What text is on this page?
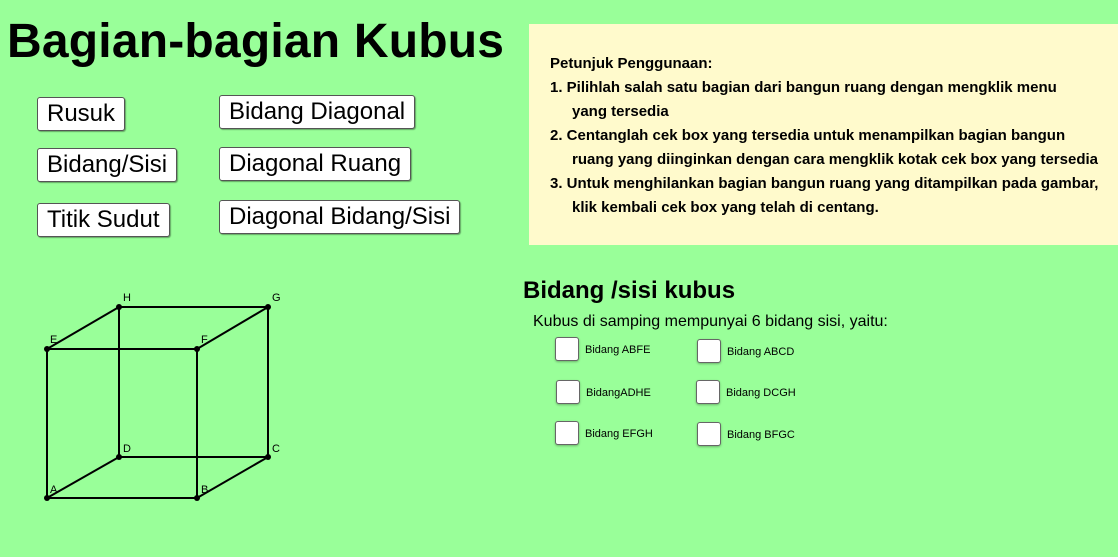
Bagian-bagian Kubus
Rusuk
Bidang/Sisi
Titik Sudut
Bidang Diagonal
Diagonal Ruang
Diagonal Bidang/Sisi
Petunjuk Penggunaan:
1. Pilihlah salah satu bagian dari bangun ruang dengan mengklik menu
yang tersedia
2. Centanglah cek box yang tersedia untuk menampilkan bagian bangun
ruang yang diinginkan dengan cara mengklik kotak cek box yang tersedia
3. Untuk menghilankan bagian bangun ruang yang ditampilkan pada gambar,
klik kembali cek box yang telah di centang.
A	B
C
D
E	F
G
H	Bidang /sisi kubus
Kubus di samping mempunyai 6 bidang sisi, yaitu:
Bidang ABFE	Bidang ABCD
BidangADHE	Bidang DCGH
Bidang EFGH	Bidang BFGC
